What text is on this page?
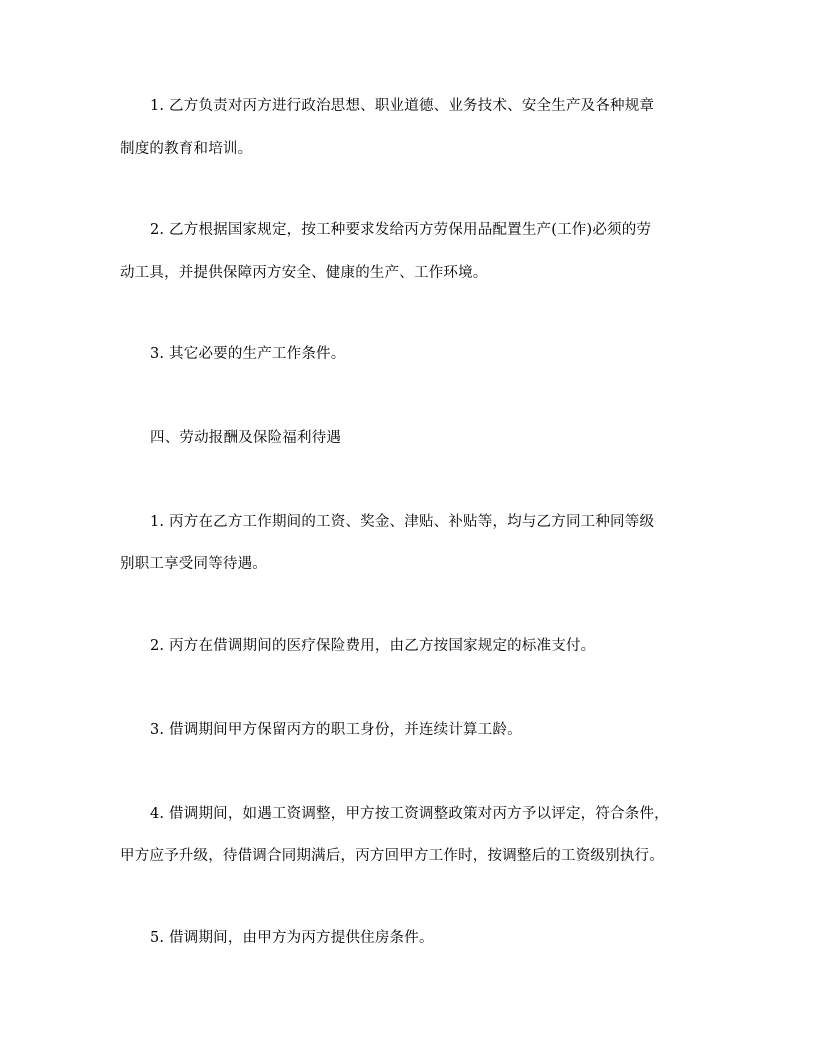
1. 乙方负责对丙方进行政治思想、职业道德、业务技术、安全生产及各种规章
制度的教育和培训。
2. 乙方根据国家规定，按工种要求发给丙方劳保用品配置生产(工作)必须的劳
动工具，并提供保障丙方安全、健康的生产、工作环境。
3. 其它必要的生产工作条件。
四、劳动报酬及保险福利待遇
1. 丙方在乙方工作期间的工资、奖金、津贴、补贴等，均与乙方同工种同等级
别职工享受同等待遇。
2. 丙方在借调期间的医疗保险费用，由乙方按国家规定的标准支付。
3. 借调期间甲方保留丙方的职工身份，并连续计算工龄。
4. 借调期间，如遇工资调整，甲方按工资调整政策对丙方予以评定，符合条件，
甲方应予升级，待借调合同期满后，丙方回甲方工作时，按调整后的工资级别执行。
5. 借调期间，由甲方为丙方提供住房条件。
